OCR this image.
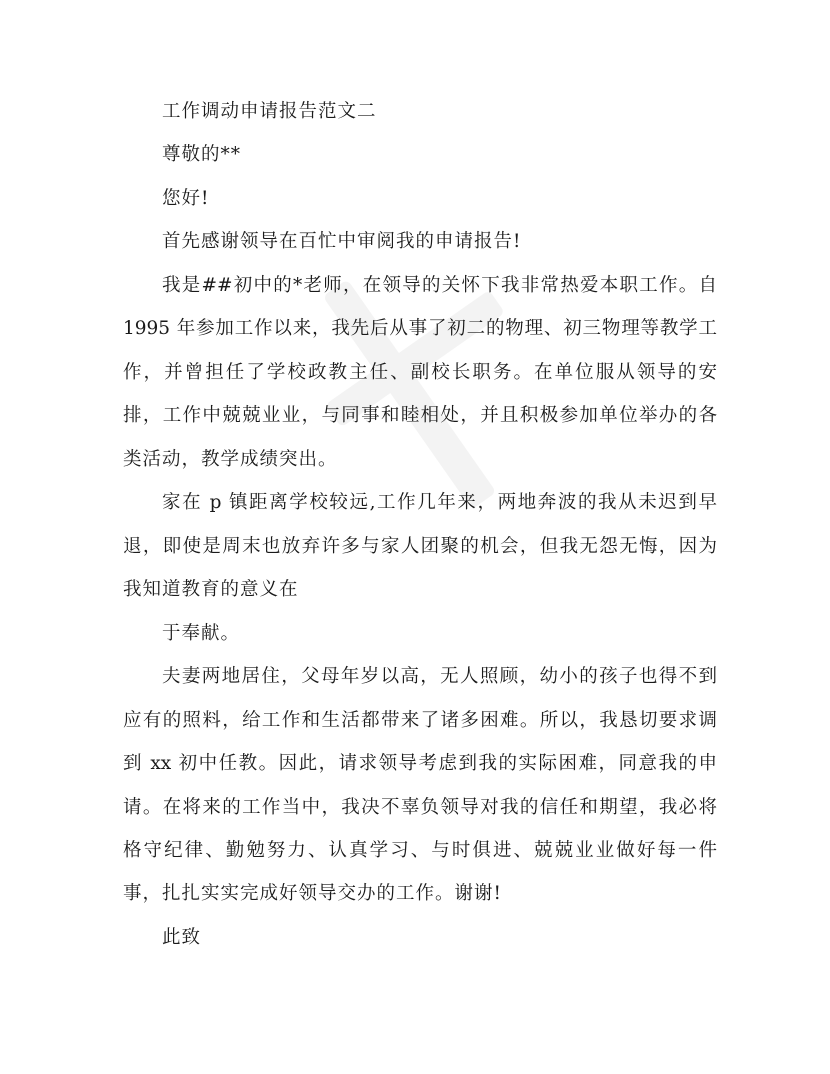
工作调动申请报告范文二
尊敬的**
您好!
首先感谢领导在百忙中审阅我的申请报告!
我是##初中的*老师，在领导的关怀下我非常热爱本职工作。自
1995 年参加工作以来，我先后从事了初二的物理、初三物理等教学工
作，并曾担任了学校政教主任、副校长职务。在单位服从领导的安
排，工作中兢兢业业，与同事和睦相处，并且积极参加单位举办的各
类活动，教学成绩突出。
家在 p 镇距离学校较远,工作几年来，两地奔波的我从未迟到早
退，即使是周末也放弃许多与家人团聚的机会，但我无怨无悔，因为
我知道教育的意义在
于奉献。
夫妻两地居住，父母年岁以高，无人照顾，幼小的孩子也得不到
应有的照料，给工作和生活都带来了诸多困难。所以，我恳切要求调
到 xx 初中任教。因此，请求领导考虑到我的实际困难，同意我的申
请。在将来的工作当中，我决不辜负领导对我的信任和期望，我必将
格守纪律、勤勉努力、认真学习、与时俱进、兢兢业业做好每一件
事，扎扎实实完成好领导交办的工作。谢谢!
此致
